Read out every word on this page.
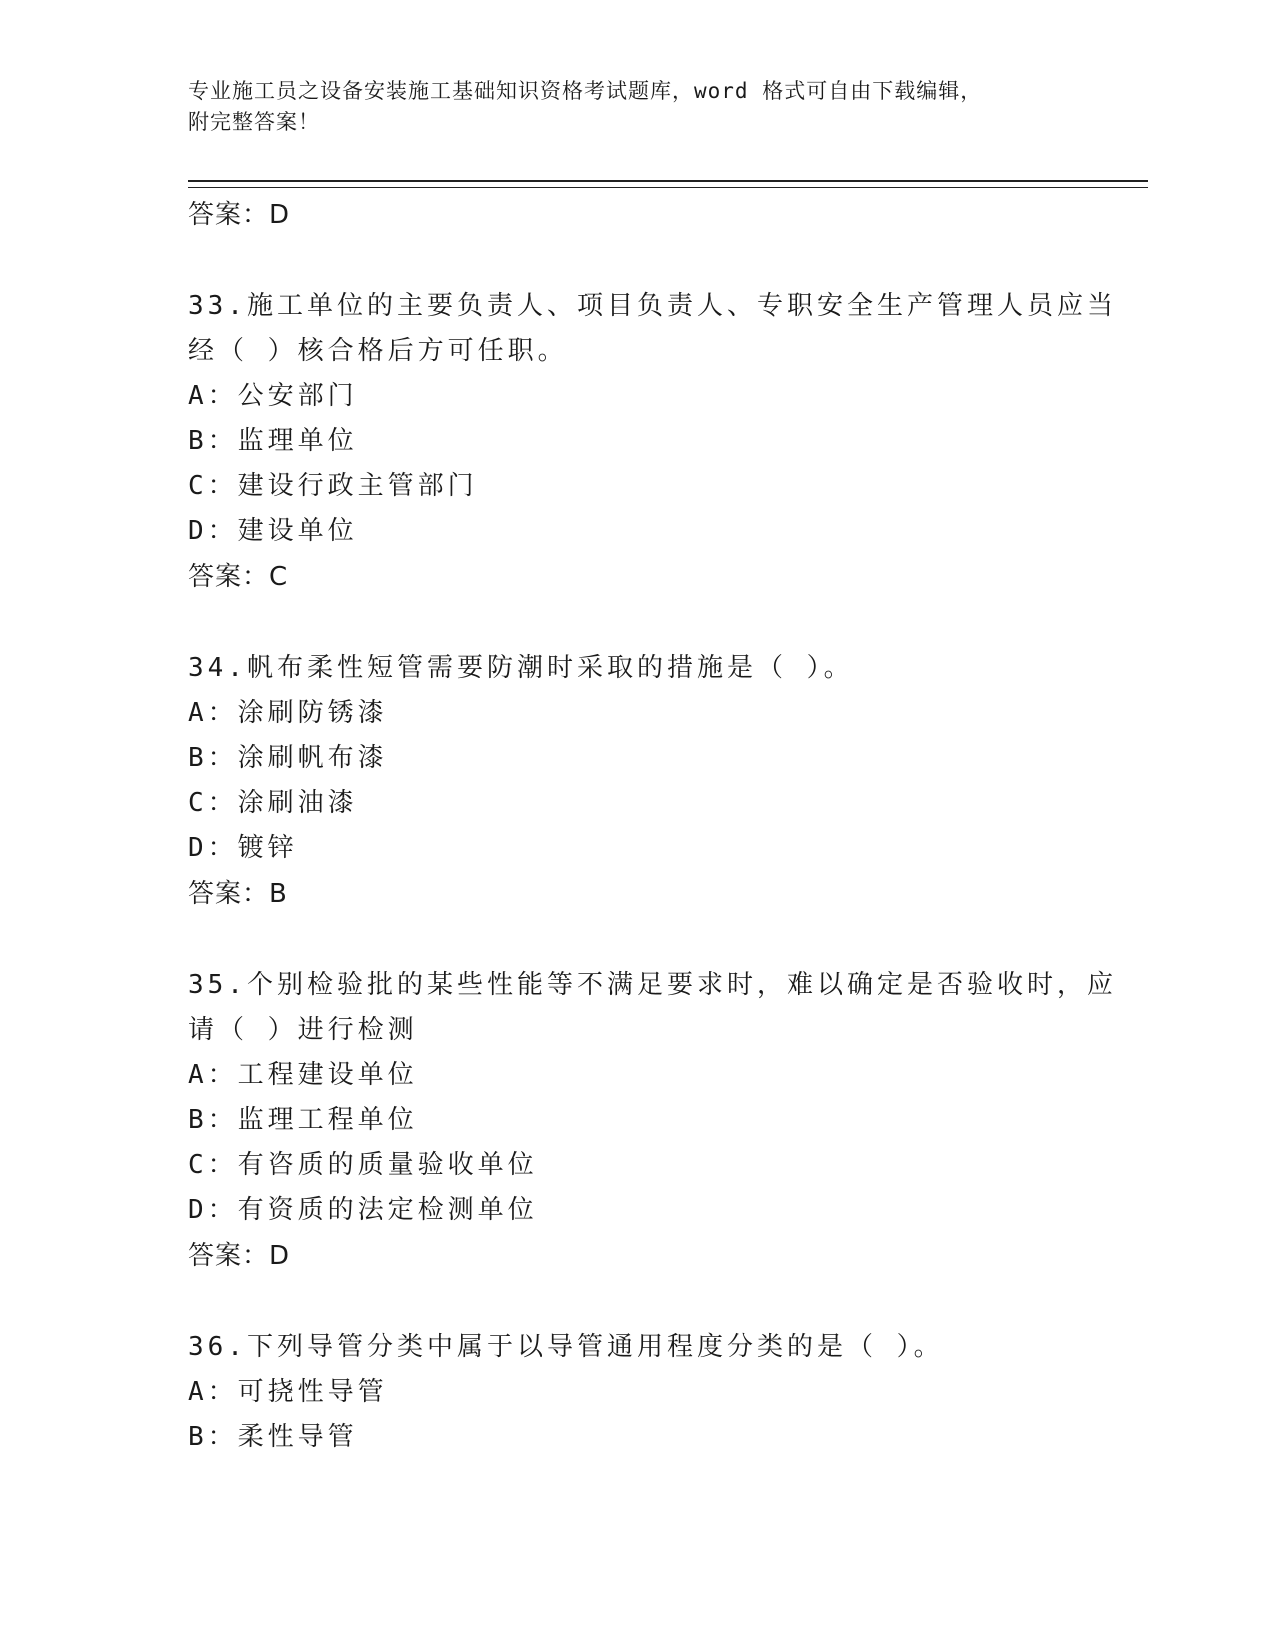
专业施工员之设备安装施工基础知识资格考试题库，word 格式可自由下载编辑，
附完整答案！
答案：D
33.施工单位的主要负责人、项目负责人、专职安全生产管理人员应当
经（ ）核合格后方可任职。
A：公安部门
B：监理单位
C：建设行政主管部门
D：建设单位
答案：C
34.帆布柔性短管需要防潮时采取的措施是（ ）。
A：涂刷防锈漆
B：涂刷帆布漆
C：涂刷油漆
D：镀锌
答案：B
35.个别检验批的某些性能等不满足要求时，难以确定是否验收时，应
请（ ）进行检测
A：工程建设单位
B：监理工程单位
C：有咨质的质量验收单位
D：有资质的法定检测单位
答案：D
36.下列导管分类中属于以导管通用程度分类的是（ ）。
A：可挠性导管
B：柔性导管
